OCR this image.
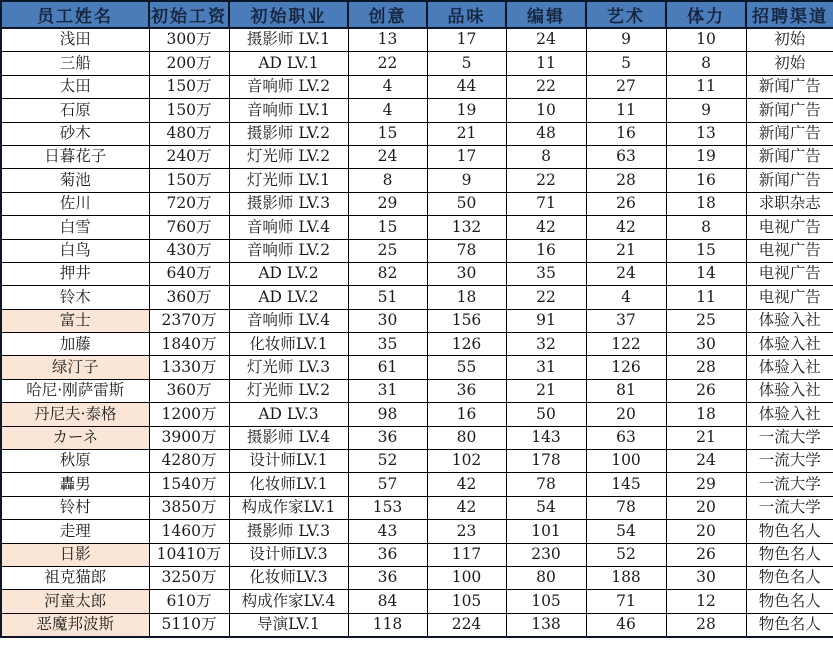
员工姓名	初始工资	初始职业	创意	品味	编辑	艺术	体力	招聘渠道
浅田	300万	摄影师 LV.1	13	17	24	9	10	初始
三船	200万	AD LV.1	22	5	11	5	8	初始
太田	150万	音响师 LV.2	4	44	22	27	11	新闻广告
石原	150万	音响师 LV.1	4	19	10	11	9	新闻广告
砂木	480万	摄影师 LV.2	15	21	48	16	13	新闻广告
日暮花子	240万	灯光师 LV.2	24	17	8	63	19	新闻广告
菊池	150万	灯光师 LV.1	8	9	22	28	16	新闻广告
佐川	720万	摄影师 LV.3	29	50	71	26	18	求职杂志
白雪	760万	音响师 LV.4	15	132	42	42	8	电视广告
白鸟	430万	音响师 LV.2	25	78	16	21	15	电视广告
押井	640万	AD LV.2	82	30	35	24	14	电视广告
铃木	360万	AD LV.2	51	18	22	4	11	电视广告
富士	2370万	音响师 LV.4	30	156	91	37	25	体验入社
加藤	1840万	化妆师LV.1	35	126	32	122	30	体验入社
绿汀子	1330万	灯光师 LV.3	61	55	31	126	28	体验入社
哈尼·刚萨雷斯	360万	灯光师 LV.2	31	36	21	81	26	体验入社
丹尼夫·泰格	1200万	AD LV.3	98	16	50	20	18	体验入社
カーネ	3900万	摄影师 LV.4	36	80	143	63	21	一流大学
秋原	4280万	设计师LV.1	52	102	178	100	24	一流大学
轟男	1540万	化妆师LV.1	57	42	78	145	29	一流大学
铃村	3850万	构成作家LV.1	153	42	54	78	20	一流大学
走理	1460万	摄影师 LV.3	43	23	101	54	20	物色名人
日影	10410万	设计师LV.3	36	117	230	52	26	物色名人
祖克猫郎	3250万	化妆师LV.3	36	100	80	188	30	物色名人
河童太郎	610万	构成作家LV.4	84	105	105	71	12	物色名人
恶魔邦波斯	5110万	导演LV.1	118	224	138	46	28	物色名人
